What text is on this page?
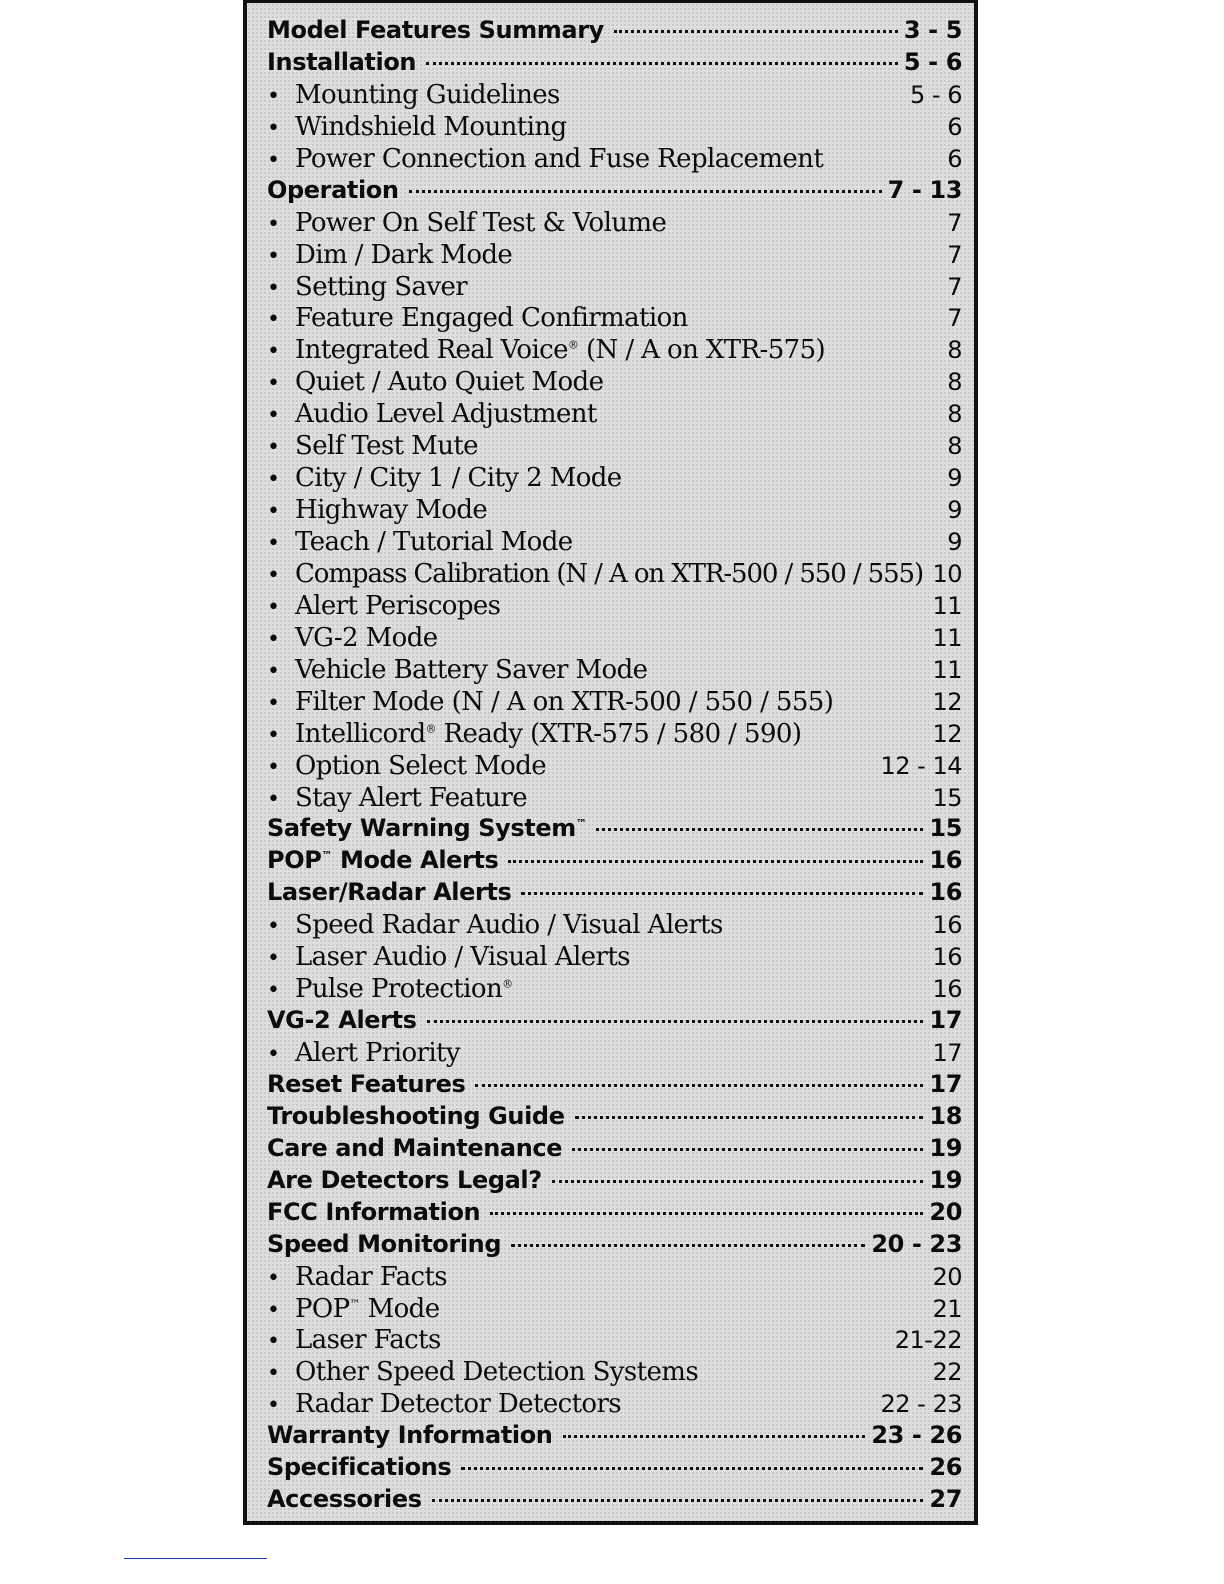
Model Features Summary	3 - 5
Installation	5 - 6
• Mounting Guidelines	5 - 6
• Windshield Mounting	6
• Power Connection and Fuse Replacement	6
Operation	7 - 13
• Power On Self Test & Volume	7
• Dim / Dark Mode	7
• Setting Saver	7
• Feature Engaged Confirmation	7
• Integrated Real Voice® (N / A on XTR-575)	8
• Quiet / Auto Quiet Mode	8
• Audio Level Adjustment	8
• Self Test Mute	8
• City / City 1 / City 2 Mode	9
• Highway Mode	9
• Teach / Tutorial Mode	9
• Compass Calibration (N / A on XTR-500 / 550 / 555) 10
• Alert Periscopes	11
• VG-2 Mode	11
• Vehicle Battery Saver Mode	11
• Filter Mode (N / A on XTR-500 / 550 / 555)	12
• Intellicord® Ready (XTR-575 / 580 / 590)	12
• Option Select Mode	12 - 14
• Stay Alert Feature	15
Safety Warning System™	15
POP™ Mode Alerts	16
Laser/Radar Alerts	16
• Speed Radar Audio / Visual Alerts	16
• Laser Audio / Visual Alerts	16
• Pulse Protection®	16
VG-2 Alerts	17
• Alert Priority	17
Reset Features	17
Troubleshooting Guide	18
Care and Maintenance	19
Are Detectors Legal?	19
FCC Information	20
Speed Monitoring	20 - 23
• Radar Facts	20
• POP™ Mode	21
• Laser Facts	21-22
• Other Speed Detection Systems	22
• Radar Detector Detectors	22 - 23
Warranty Information	23 - 26
Specifications	26
Accessories	27
